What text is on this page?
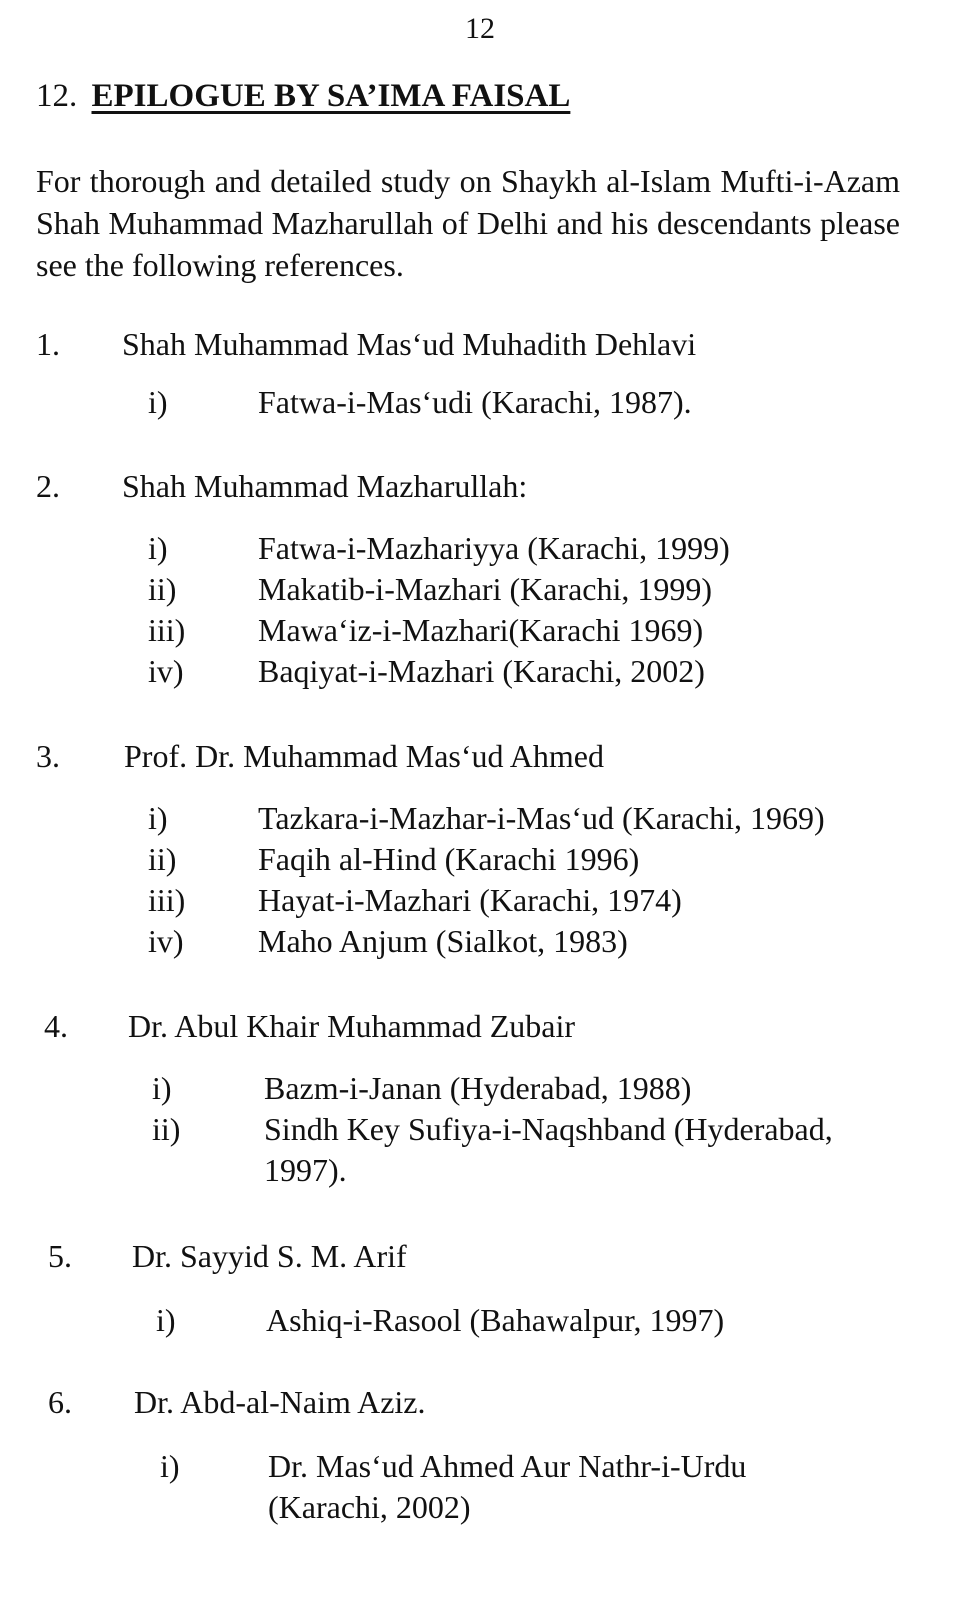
12
12. EPILOGUE BY SA’IMA FAISAL

For thorough and detailed study on Shaykh al-Islam Mufti-i-Azam Shah Muhammad Mazharullah of Delhi and his descendants please see the following references.

1. Shah Muhammad Mas‘ud Muhadith Dehlavi
i)	Fatwa-i-Mas‘udi (Karachi, 1987).
2. Shah Muhammad Mazharullah:
i)	Fatwa-i-Mazhariyya (Karachi, 1999)
ii)	Makatib-i-Mazhari (Karachi, 1999)
iii) Mawa‘iz-i-Mazhari(Karachi 1969)
iv) Baqiyat-i-Mazhari (Karachi, 2002)
3. Prof. Dr. Muhammad Mas‘ud Ahmed
i)	Tazkara-i-Mazhar-i-Mas‘ud (Karachi, 1969)
ii)	Faqih al-Hind (Karachi 1996)
iii) Hayat-i-Mazhari (Karachi, 1974)
iv) Maho Anjum (Sialkot, 1983)
4. Dr. Abul Khair Muhammad Zubair
i)	Bazm-i-Janan (Hyderabad, 1988)
ii)	Sindh Key Sufiya-i-Naqshband (Hyderabad, 1997).
5. Dr. Sayyid S. M. Arif
i)	Ashiq-i-Rasool (Bahawalpur, 1997)
6. Dr. Abd-al-Naim Aziz.
i)	Dr. Mas‘ud Ahmed Aur Nathr-i-Urdu (Karachi, 2002)
